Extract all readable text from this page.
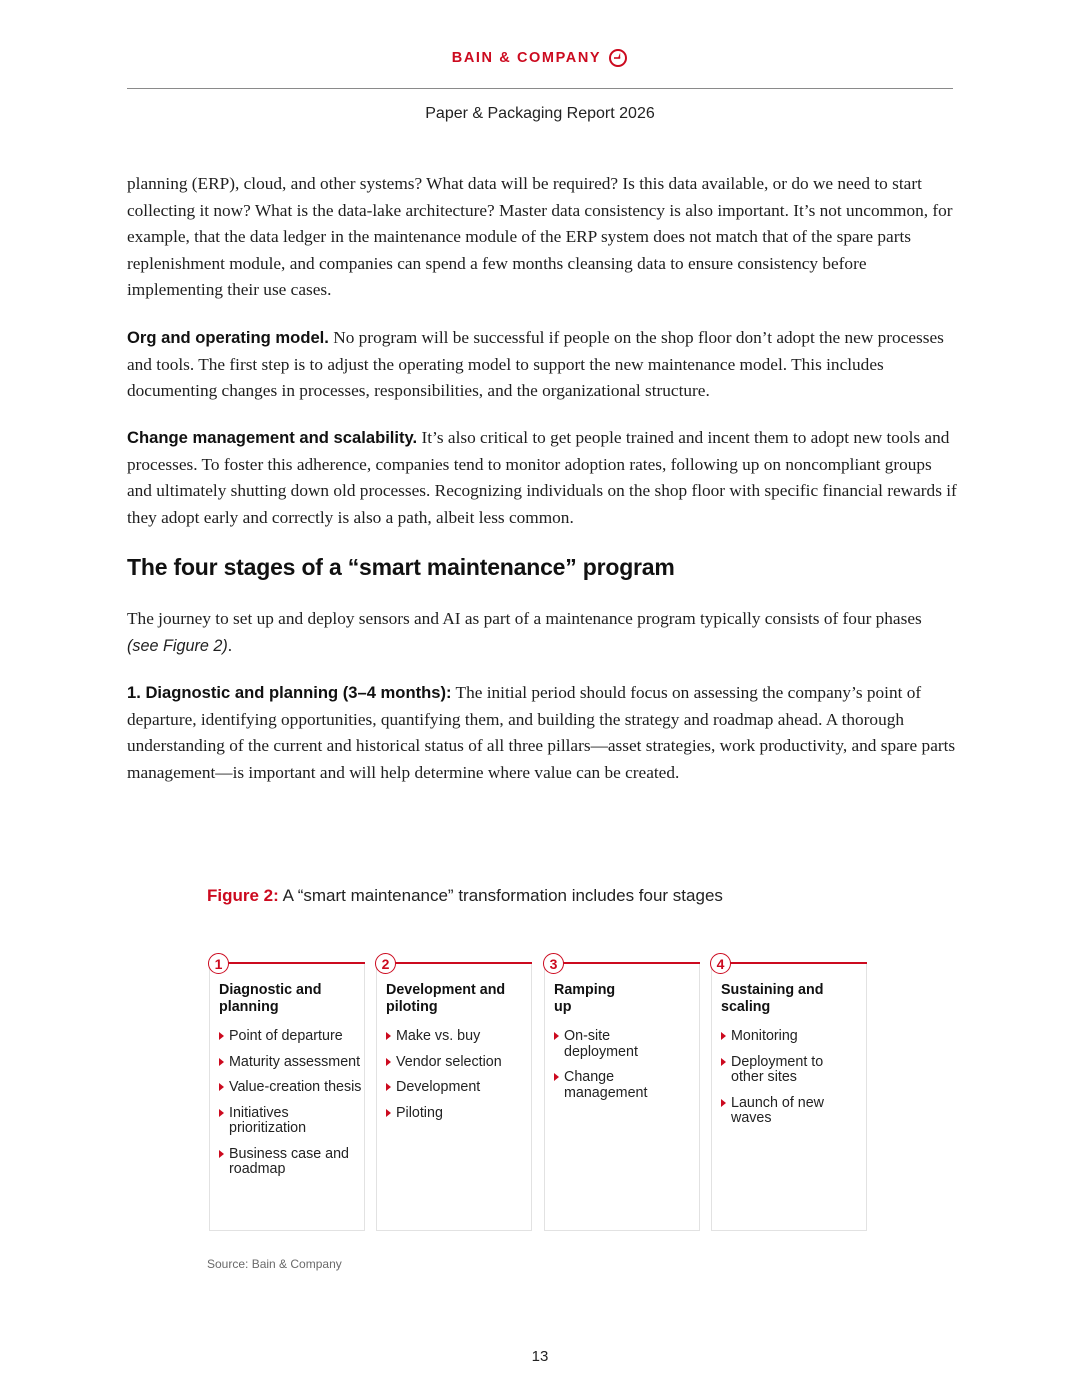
BAIN & COMPANY
Paper & Packaging Report 2026

planning (ERP), cloud, and other systems? What data will be required? Is this data available, or do we need to start collecting it now? What is the data-lake architecture? Master data consistency is also important. It’s not uncommon, for example, that the data ledger in the maintenance module of the ERP system does not match that of the spare parts replenishment module, and companies can spend a few months cleansing data to ensure consistency before implementing their use cases.

Org and operating model. No program will be successful if people on the shop floor don’t adopt the new processes and tools. The first step is to adjust the operating model to support the new maintenance model. This includes documenting changes in processes, responsibilities, and the organizational structure.

Change management and scalability. It’s also critical to get people trained and incent them to adopt new tools and processes. To foster this adherence, companies tend to monitor adoption rates, following up on noncompliant groups and ultimately shutting down old processes. Recognizing individuals on the shop floor with specific financial rewards if they adopt early and correctly is also a path, albeit less common.

The four stages of a “smart maintenance” program

The journey to set up and deploy sensors and AI as part of a maintenance program typically consists of four phases (see Figure 2).

1. Diagnostic and planning (3–4 months): The initial period should focus on assessing the company’s point of departure, identifying opportunities, quantifying them, and building the strategy and roadmap ahead. A thorough understanding of the current and historical status of all three pillars—asset strategies, work productivity, and spare parts management—is important and will help determine where value can be created.

Figure 2: A “smart maintenance” transformation includes four stages
1
Diagnostic and planning
Point of departure
Maturity assessment
Value-creation thesis
Initiatives prioritization
Business case and roadmap
2
Development and piloting
Make vs. buy
Vendor selection
Development
Piloting
3
Ramping up
On-site deployment
Change management
4
Sustaining and scaling
Monitoring
Deployment to other sites
Launch of new waves
Source: Bain & Company
13
